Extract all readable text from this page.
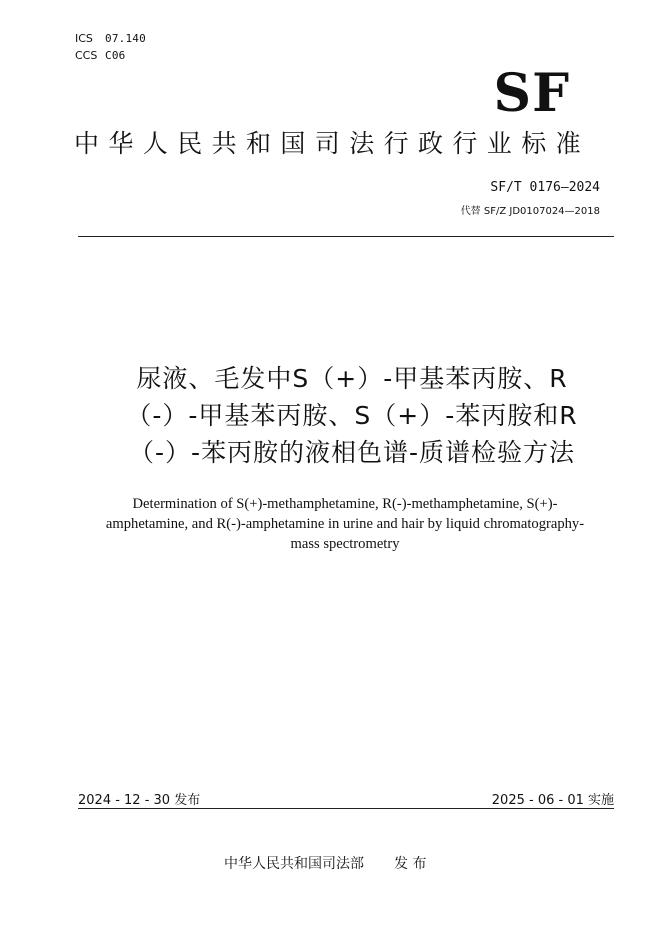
ICS 07.140
CCS C06
SF
中华人民共和国司法行政行业标准
SF/T 0176—2024
代替 SF/Z JD0107024—2018
尿液、毛发中S（+）-甲基苯丙胺、R
（-）-甲基苯丙胺、S（+）-苯丙胺和R
（-）-苯丙胺的液相色谱-质谱检验方法
Determination of S(+)-methamphetamine, R(-)-methamphetamine, S(+)-
amphetamine, and R(-)-amphetamine in urine and hair by liquid chromatography-
mass spectrometry
2024 - 12 - 30 发布	2025 - 06 - 01 实施
中华人民共和国司法部 发 布
